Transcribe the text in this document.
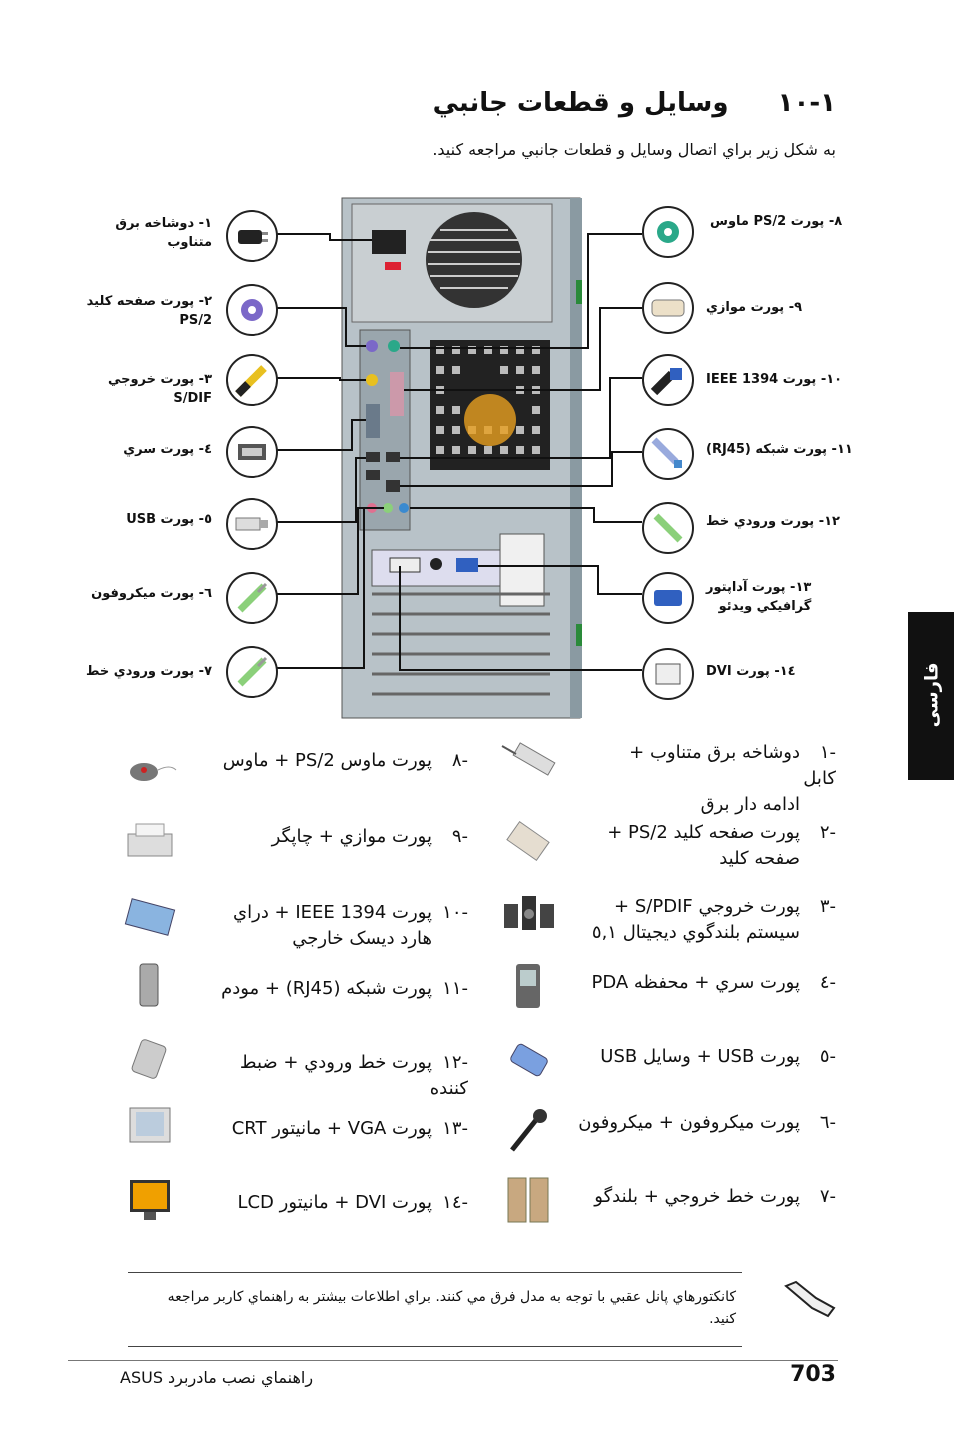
١-١٠ وسايل و قطعات جانبي
به شکل زير براي اتصال وسايل و قطعات جانبي مراجعه کنيد.
١- دوشاخه برق
متناوب
٢- پورت صفحه کليد
PS/2
٣- پورت خروجي
S/DIF
٤- پورت سري
٥- پورت USB
٦- پورت ميکروفون
٧- پورت ورودي خط
٨- پورت PS/2 ماوس
٩- پورت موازي
١٠- پورت IEEE 1394
١١- پورت شبکه (RJ45)
١٢- پورت ورودي خط
١٣- پورت آداپتور
گرافيکي ويدئو
١٤- پورت DVI
-١دوشاخه برق متناوب + کابل
ادامه دار برق
-٢پورت صفحه کليد PS/2 +
صفحه کليد
-٣پورت خروجي S/PDIF +
سيستم بلندگوي ديجيتال ٥,١
-٤پورت سري + محفظه PDA
-٥پورت USB + وسايل USB
-٦پورت ميکروفون + ميکروفون
-٧پورت خط خروجي + بلندگو
-٨پورت ماوس PS/2 + ماوس
-٩پورت موازي + چاپگر
-١٠پورت IEEE 1394 + دراي
هارد ديسک خارجي
-١١پورت شبکه (RJ45) + مودم
-١٢پورت خط ورودي + ضبط کننده
-١٣پورت VGA + مانيتور CRT
-١٤پورت DVI + مانيتور LCD
فارسی
کانکتورهاي پانل عقبي با توجه به مدل فرق مي کنند. براي اطلاعات بيشتر به راهنماي کاربر مراجعه کنيد.
703
راهنماي نصب مادربرد ASUS
